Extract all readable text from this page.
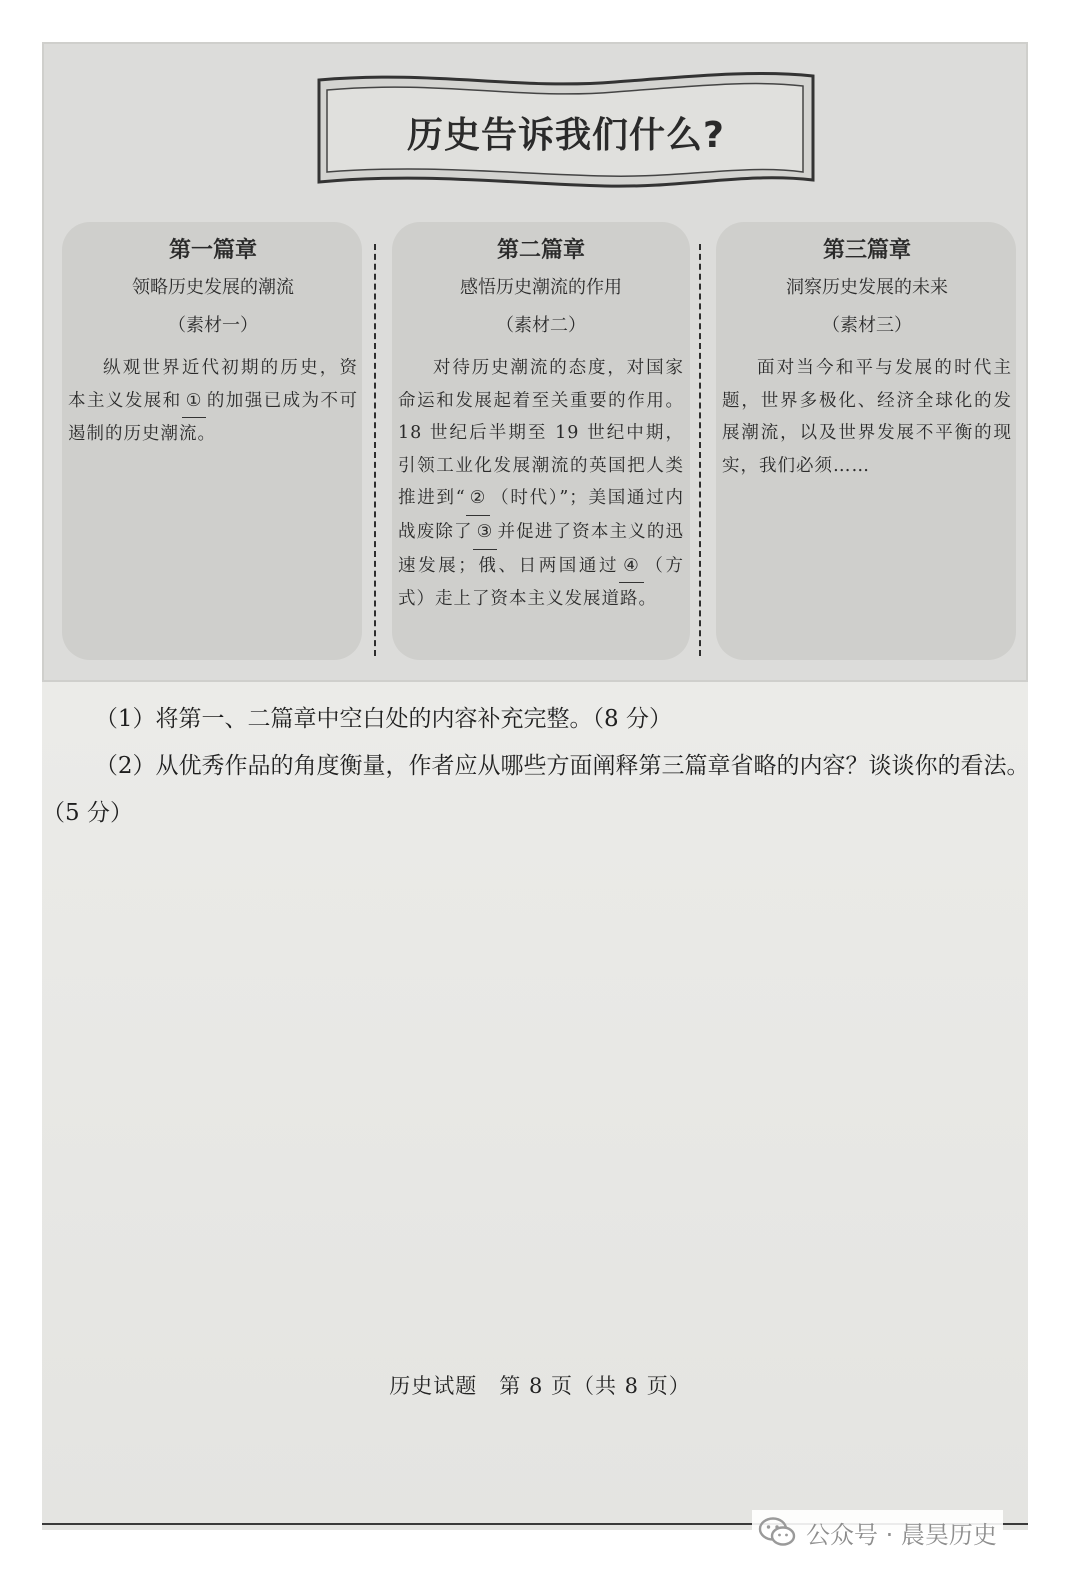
历史告诉我们什么?
第一篇章
领略历史发展的潮流
（素材一）
纵观世界近代初期的历史，资本主义发展和 ① 的加强已成为不可遏制的历史潮流。
第二篇章
感悟历史潮流的作用
（素材二）
对待历史潮流的态度，对国家命运和发展起着至关重要的作用。18 世纪后半期至 19 世纪中期，引领工业化发展潮流的英国把人类推进到“ ② （时代）”；美国通过内战废除了 ③ 并促进了资本主义的迅速发展；俄、日两国通过 ④ （方式）走上了资本主义发展道路。
第三篇章
洞察历史发展的未来
（素材三）
面对当今和平与发展的时代主题，世界多极化、经济全球化的发展潮流，以及世界发展不平衡的现实，我们必须……
（1）将第一、二篇章中空白处的内容补充完整。（8 分）
（2）从优秀作品的角度衡量，作者应从哪些方面阐释第三篇章省略的内容？谈谈你的看法。（5 分）
历史试题　第 8 页（共 8 页）
公众号 · 晨昊历史
